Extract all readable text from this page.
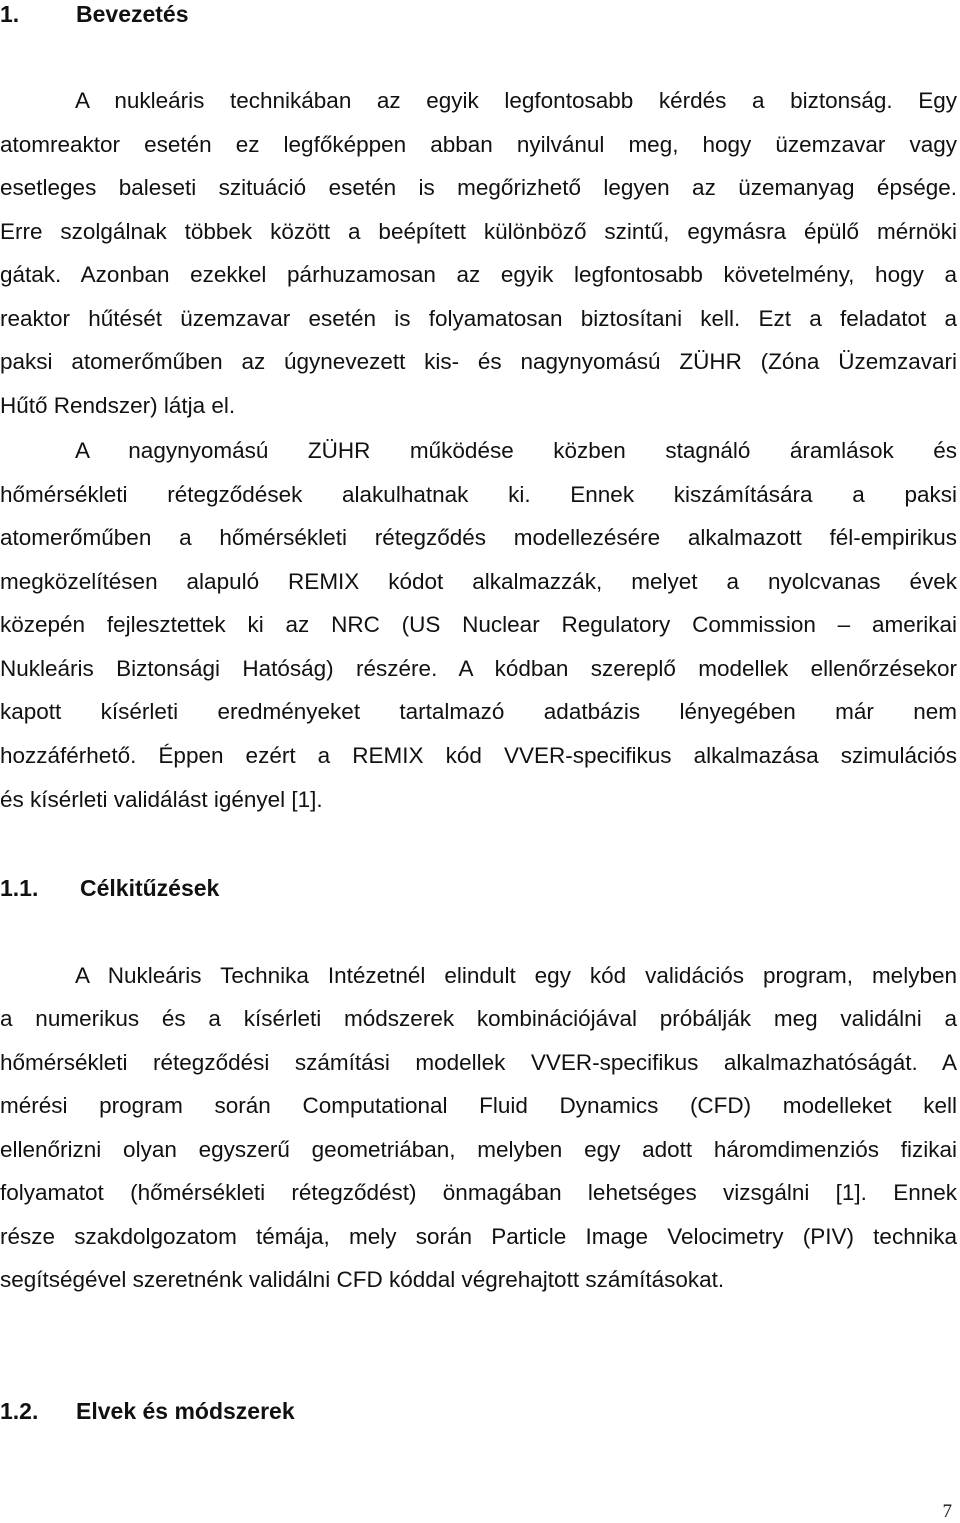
1. Bevezetés
A nukleáris technikában az egyik legfontosabb kérdés a biztonság. Egy
atomreaktor esetén ez legfőképpen abban nyilvánul meg, hogy üzemzavar vagy
esetleges baleseti szituáció esetén is megőrizhető legyen az üzemanyag épsége.
Erre szolgálnak többek között a beépített különböző szintű, egymásra épülő mérnöki
gátak. Azonban ezekkel párhuzamosan az egyik legfontosabb követelmény, hogy a
reaktor hűtését üzemzavar esetén is folyamatosan biztosítani kell. Ezt a feladatot a
paksi atomerőműben az úgynevezett kis- és nagynyomású ZÜHR (Zóna Üzemzavari
Hűtő Rendszer) látja el.
A nagynyomású ZÜHR működése közben stagnáló áramlások és
hőmérsékleti rétegződések alakulhatnak ki. Ennek kiszámítására a paksi
atomerőműben a hőmérsékleti rétegződés modellezésére alkalmazott fél-empirikus
megközelítésen alapuló REMIX kódot alkalmazzák, melyet a nyolcvanas évek
közepén fejlesztettek ki az NRC (US Nuclear Regulatory Commission – amerikai
Nukleáris Biztonsági Hatóság) részére. A kódban szereplő modellek ellenőrzésekor
kapott kísérleti eredményeket tartalmazó adatbázis lényegében már nem
hozzáférhető. Éppen ezért a REMIX kód VVER-specifikus alkalmazása szimulációs
és kísérleti validálást igényel [1].
1.1. Célkitűzések
A Nukleáris Technika Intézetnél elindult egy kód validációs program, melyben
a numerikus és a kísérleti módszerek kombinációjával próbálják meg validálni a
hőmérsékleti rétegződési számítási modellek VVER-specifikus alkalmazhatóságát. A
mérési program során Computational Fluid Dynamics (CFD) modelleket kell
ellenőrizni olyan egyszerű geometriában, melyben egy adott háromdimenziós fizikai
folyamatot (hőmérsékleti rétegződést) önmagában lehetséges vizsgálni [1]. Ennek
része szakdolgozatom témája, mely során Particle Image Velocimetry (PIV) technika
segítségével szeretnénk validálni CFD kóddal végrehajtott számításokat.
1.2. Elvek és módszerek
7
